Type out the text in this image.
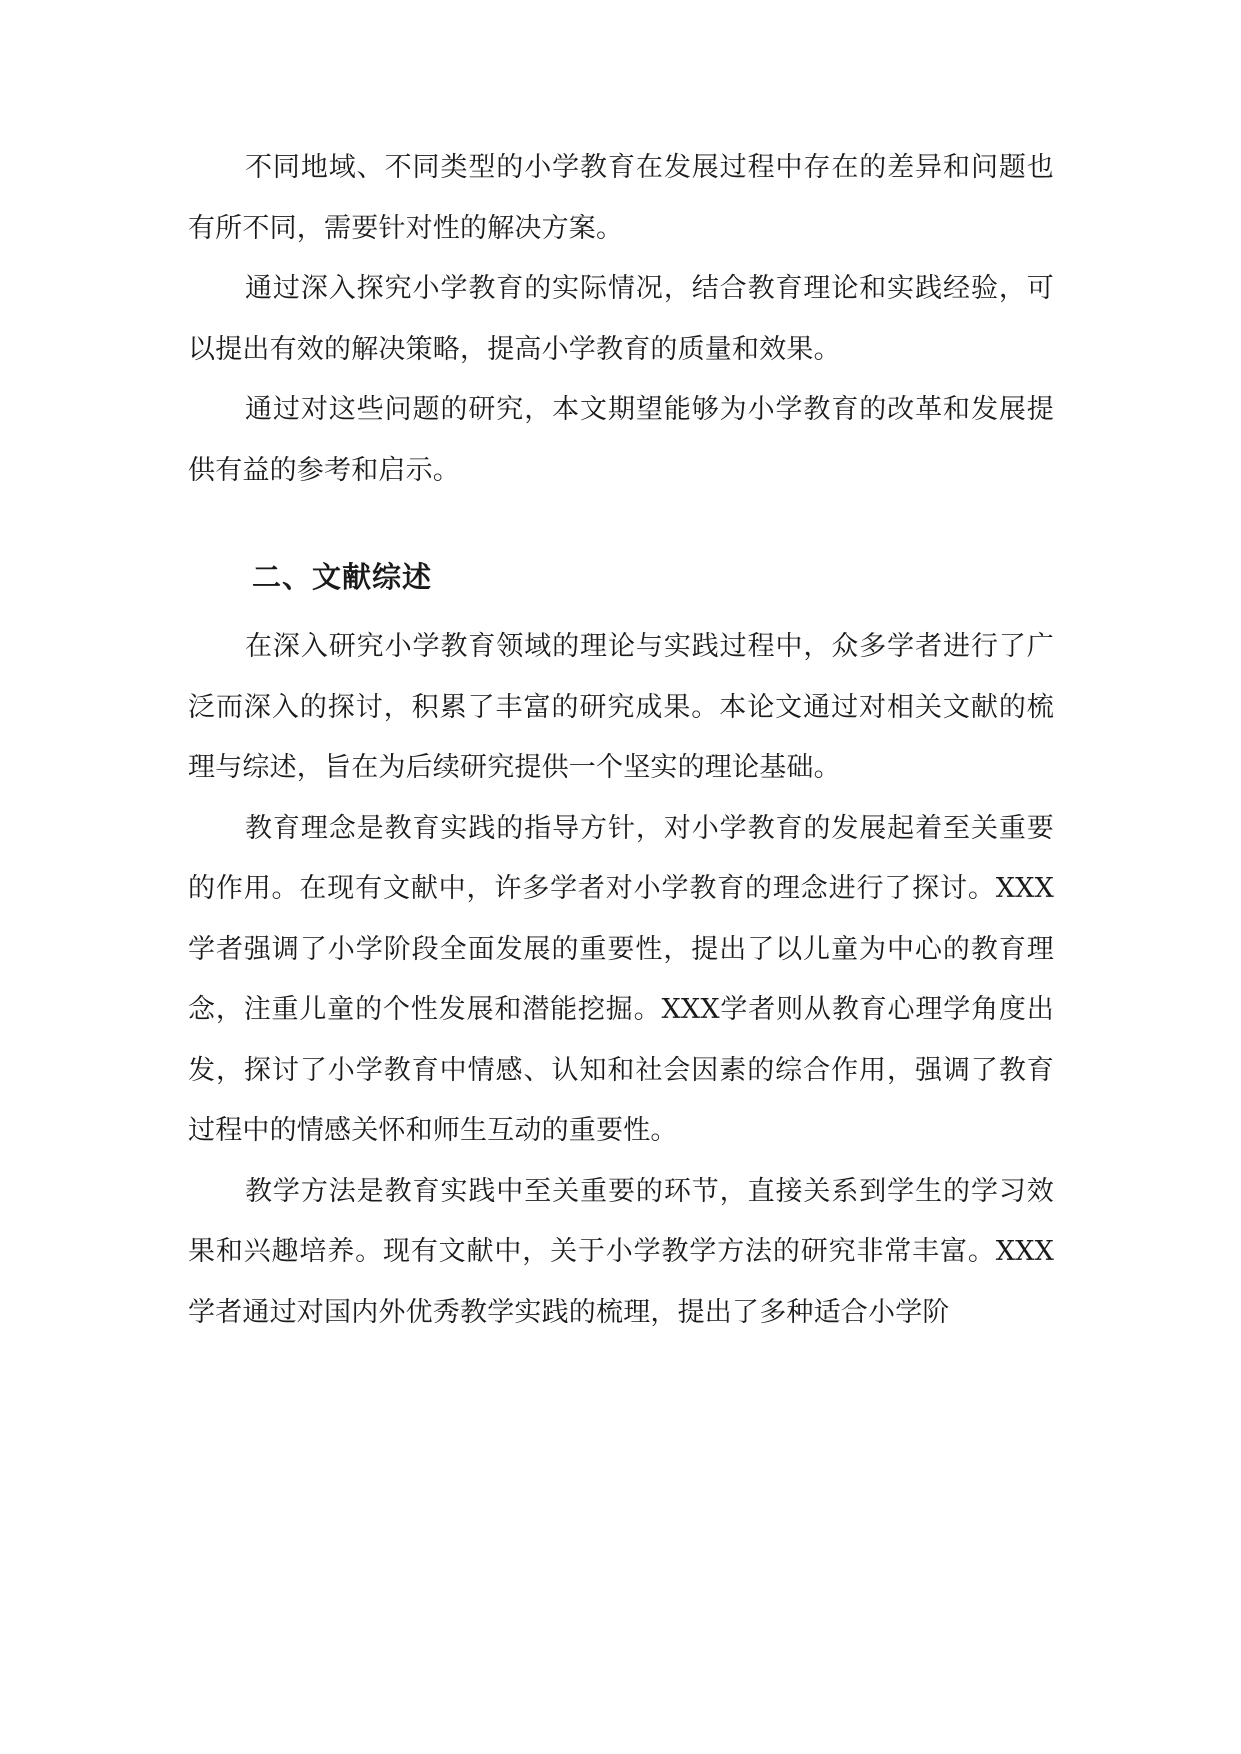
不同地域、不同类型的小学教育在发展过程中存在的差异和问题也有所不同，需要针对性的解决方案。

通过深入探究小学教育的实际情况，结合教育理论和实践经验，可以提出有效的解决策略，提高小学教育的质量和效果。

通过对这些问题的研究，本文期望能够为小学教育的改革和发展提供有益的参考和启示。

二、文献综述

在深入研究小学教育领域的理论与实践过程中，众多学者进行了广泛而深入的探讨，积累了丰富的研究成果。本论文通过对相关文献的梳理与综述，旨在为后续研究提供一个坚实的理论基础。

教育理念是教育实践的指导方针，对小学教育的发展起着至关重要的作用。在现有文献中，许多学者对小学教育的理念进行了探讨。XXX学者强调了小学阶段全面发展的重要性，提出了以儿童为中心的教育理念，注重儿童的个性发展和潜能挖掘。XXX学者则从教育心理学角度出发，探讨了小学教育中情感、认知和社会因素的综合作用，强调了教育过程中的情感关怀和师生互动的重要性。

教学方法是教育实践中至关重要的环节，直接关系到学生的学习效果和兴趣培养。现有文献中，关于小学教学方法的研究非常丰富。XXX学者通过对国内外优秀教学实践的梳理，提出了多种适合小学阶
